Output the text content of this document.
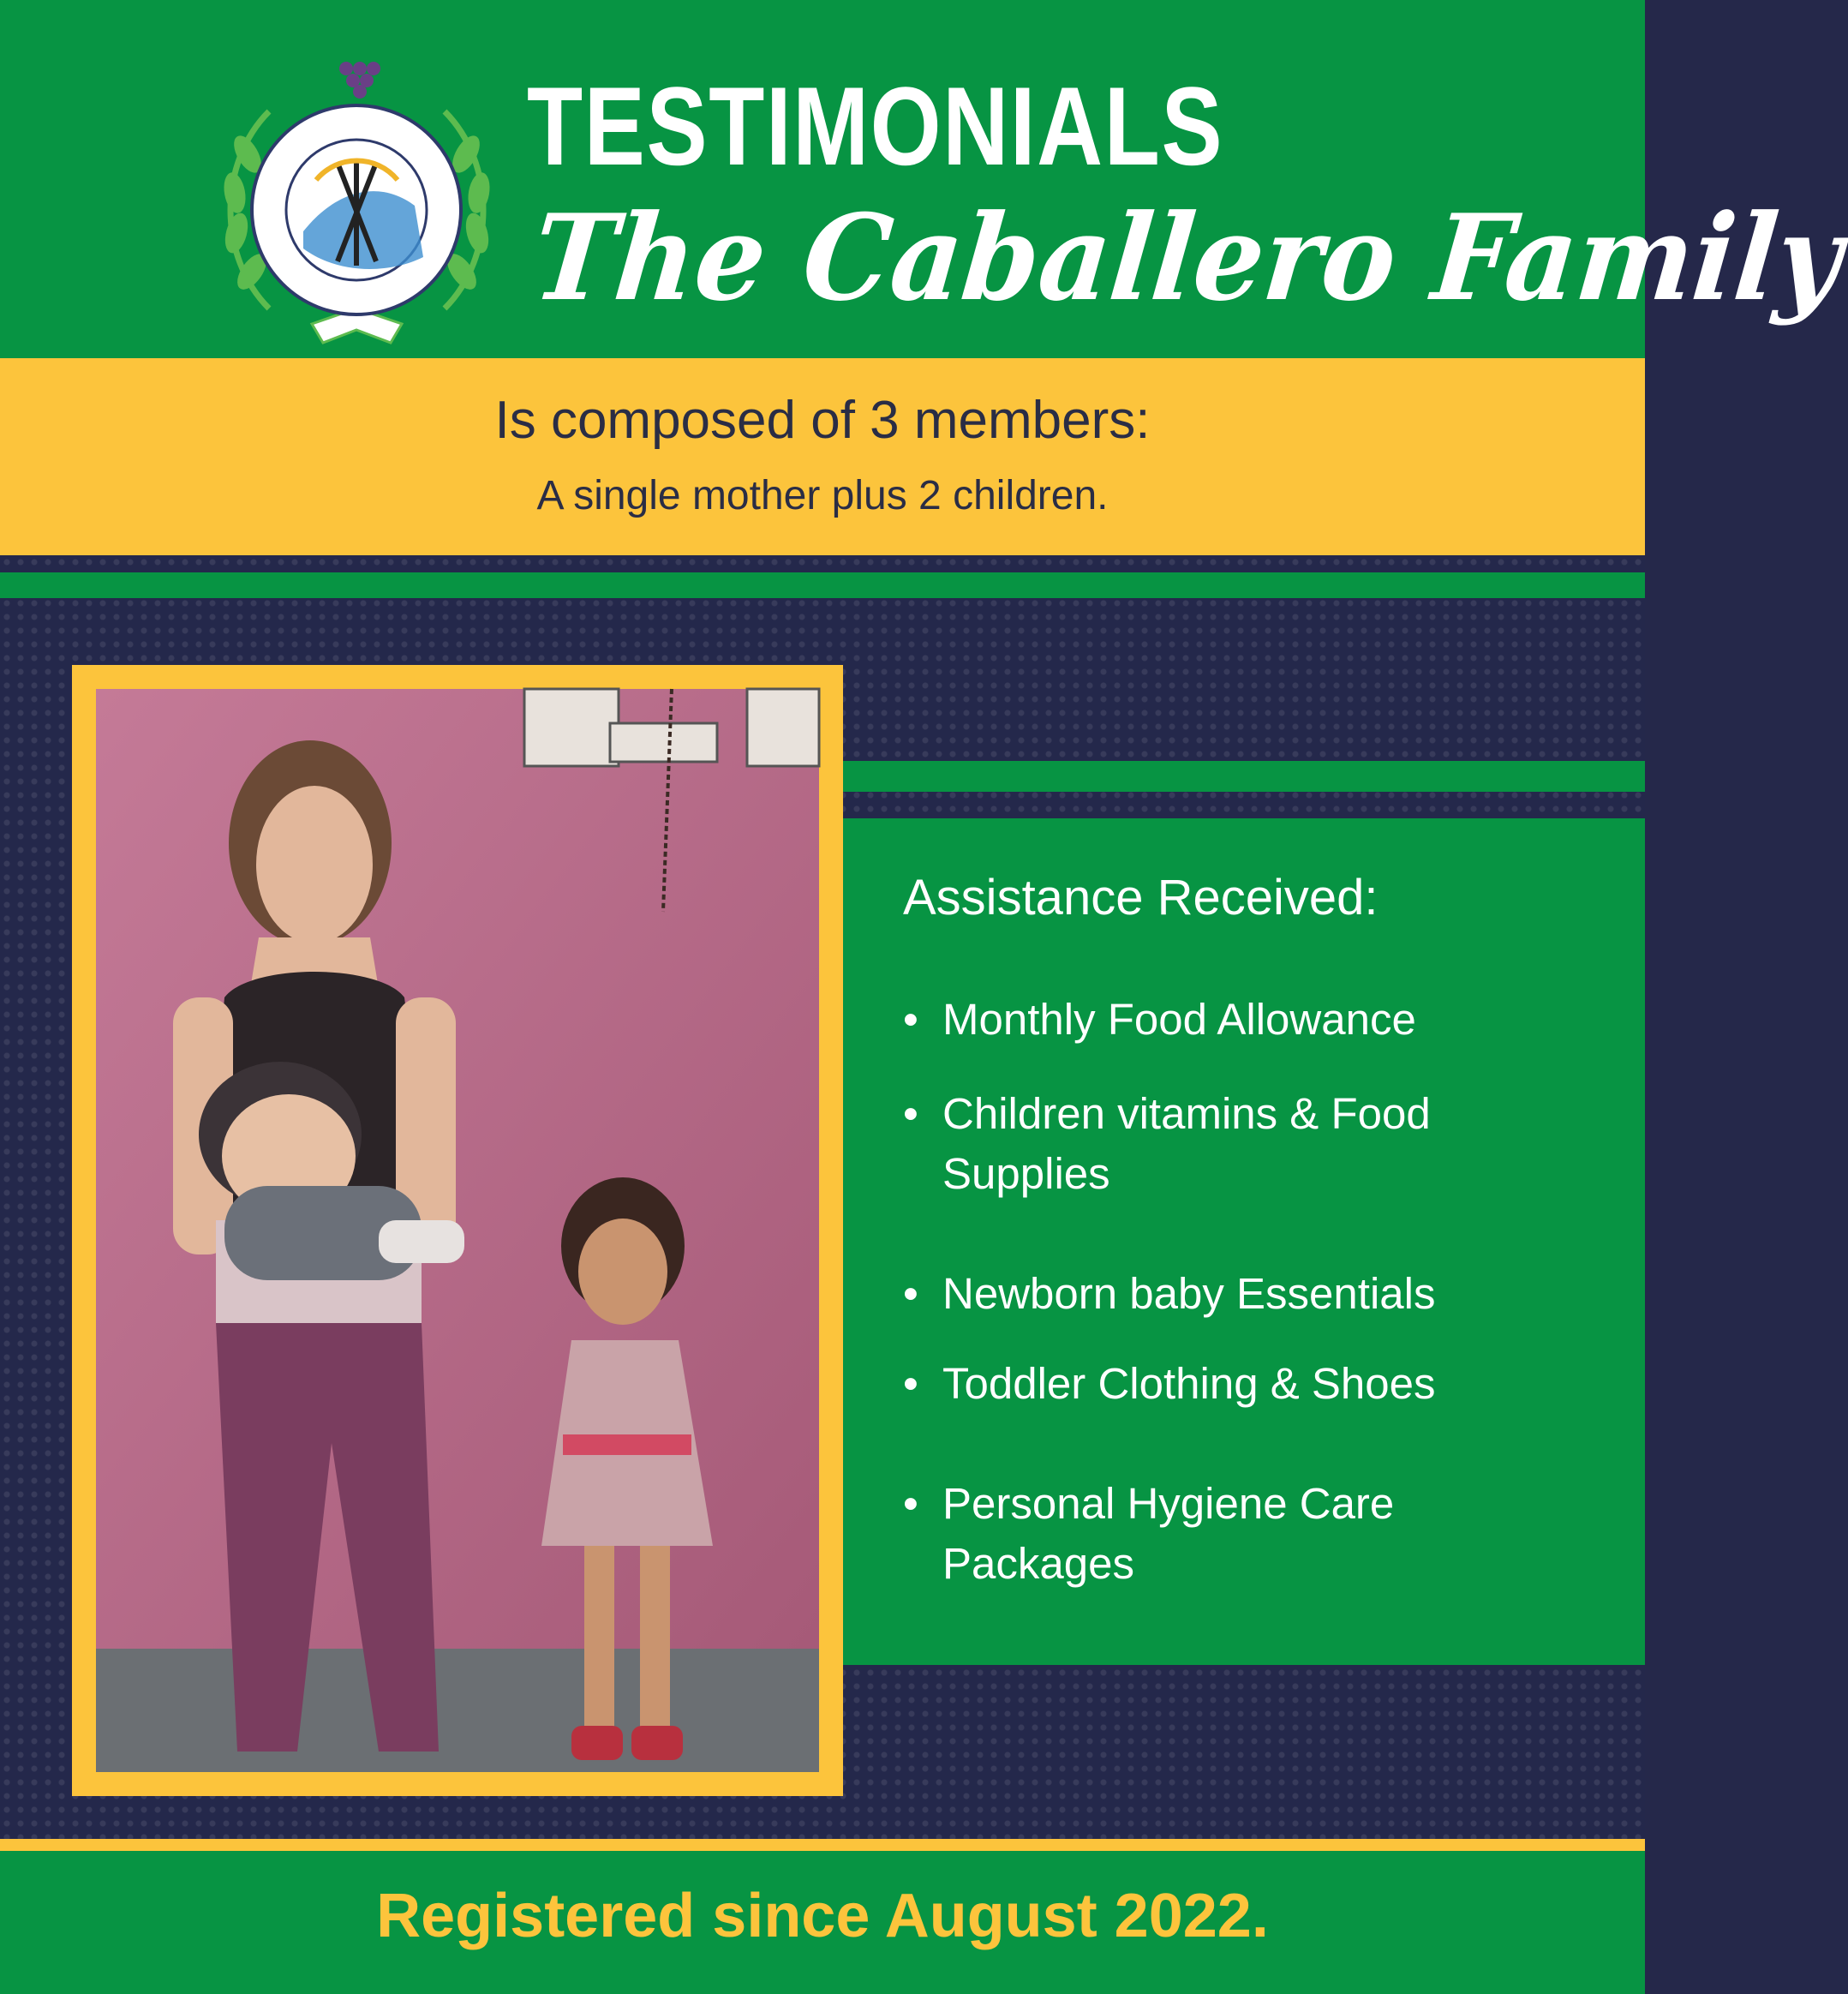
TESTIMONIALS
The Caballero Family
Is composed of 3 members:
A single mother plus 2 children.
Assistance Received:
• Monthly Food Allowance
• Children vitamins & Food Supplies
• Newborn baby Essentials
• Toddler Clothing & Shoes
• Personal Hygiene Care Packages
Registered since August 2022.
